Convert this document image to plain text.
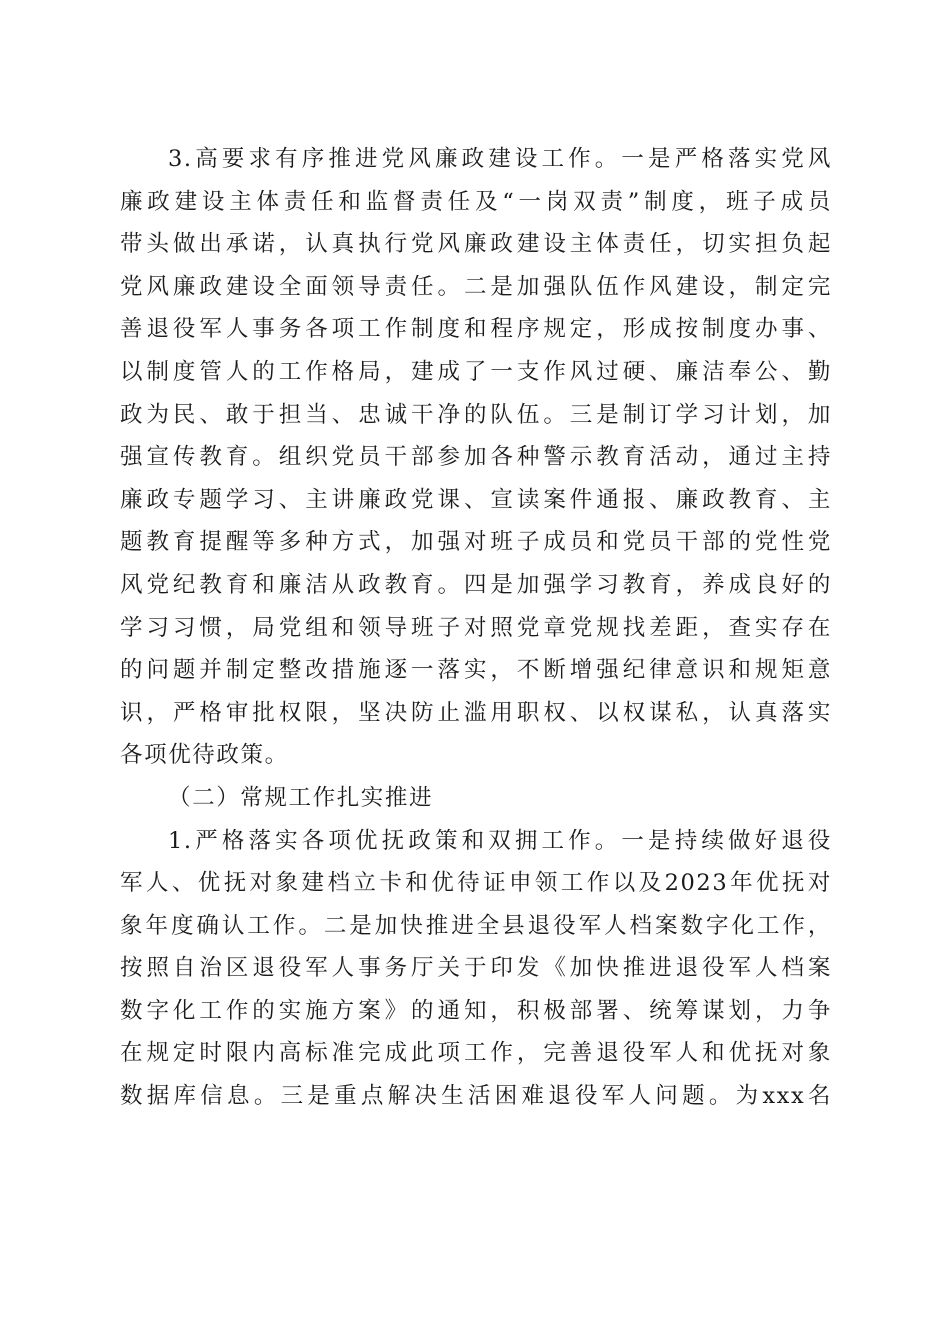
3.高要求有序推进党风廉政建设工作。一是严格落实党风
廉政建设主体责任和监督责任及“一岗双责”制度，班子成员
带头做出承诺，认真执行党风廉政建设主体责任，切实担负起
党风廉政建设全面领导责任。二是加强队伍作风建设，制定完
善退役军人事务各项工作制度和程序规定，形成按制度办事、
以制度管人的工作格局，建成了一支作风过硬、廉洁奉公、勤
政为民、敢于担当、忠诚干净的队伍。三是制订学习计划，加
强宣传教育。组织党员干部参加各种警示教育活动，通过主持
廉政专题学习、主讲廉政党课、宣读案件通报、廉政教育、主
题教育提醒等多种方式，加强对班子成员和党员干部的党性党
风党纪教育和廉洁从政教育。四是加强学习教育，养成良好的
学习习惯，局党组和领导班子对照党章党规找差距，查实存在
的问题并制定整改措施逐一落实，不断增强纪律意识和规矩意
识，严格审批权限，坚决防止滥用职权、以权谋私，认真落实
各项优待政策。
（二）常规工作扎实推进
1.严格落实各项优抚政策和双拥工作。一是持续做好退役
军人、优抚对象建档立卡和优待证申领工作以及2023年优抚对
象年度确认工作。二是加快推进全县退役军人档案数字化工作，
按照自治区退役军人事务厅关于印发《加快推进退役军人档案
数字化工作的实施方案》的通知，积极部署、统筹谋划，力争
在规定时限内高标准完成此项工作，完善退役军人和优抚对象
数据库信息。三是重点解决生活困难退役军人问题。为xxx名
